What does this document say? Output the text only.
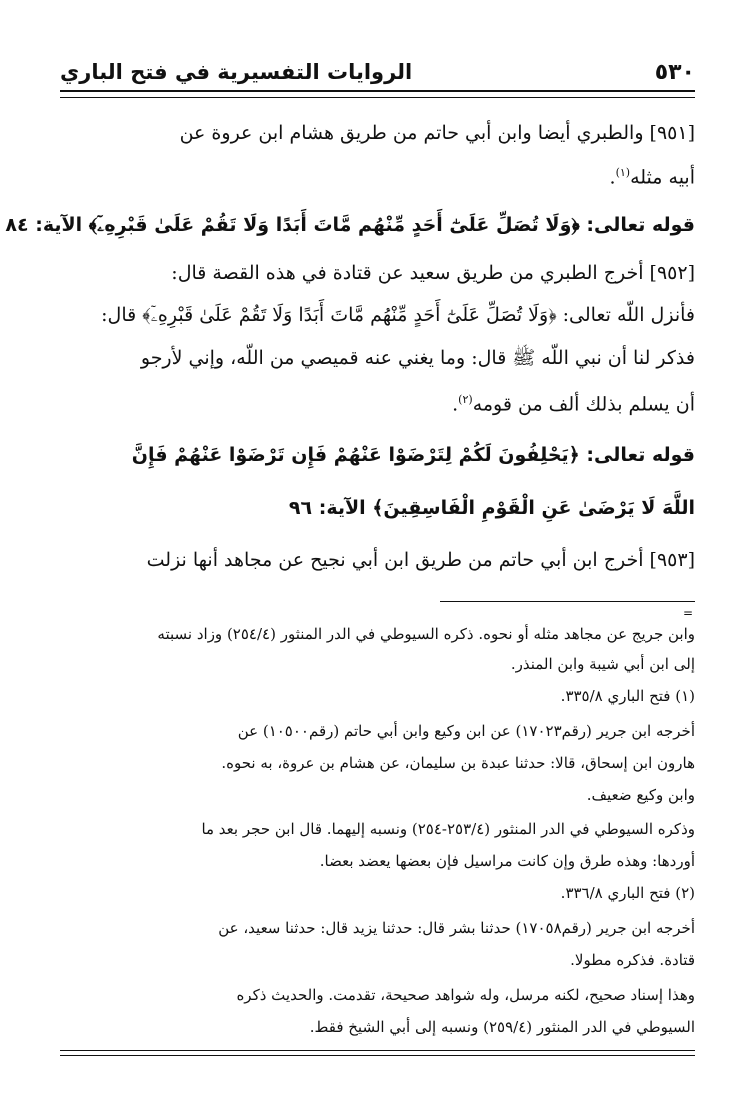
٥٣٠
الروايات التفسيرية في فتح الباري
[٩٥١] والطبري أيضا وابن أبي حاتم من طريق هشام ابن عروة عن
أبيه مثله$^{(١)}$.
قوله تعالى: ﴿وَلَا تُصَلِّ عَلَىٰٓ أَحَدٍ مِّنْهُم مَّاتَ أَبَدًا وَلَا تَقُمْ عَلَىٰ قَبْرِهِۦٓ﴾ الآية: ٨٤
[٩٥٢] أخرج الطبري من طريق سعيد عن قتادة في هذه القصة قال:
فأنزل اللّه تعالى: ﴿وَلَا تُصَلِّ عَلَىٰٓ أَحَدٍ مِّنْهُم مَّاتَ أَبَدًا وَلَا تَقُمْ عَلَىٰ قَبْرِهِۦٓ﴾ قال:
فذكر لنا أن نبي اللّه ﷺ قال: وما يغني عنه قميصي من اللّه، وإني لأرجو
أن يسلم بذلك ألف من قومه$^{(٢)}$.
قوله تعالى: ﴿يَحْلِفُونَ لَكُمْ لِتَرْضَوْا عَنْهُمْ فَإِن تَرْضَوْا عَنْهُمْ فَإِنَّ
اللَّهَ لَا يَرْضَىٰ عَنِ الْقَوْمِ الْفَاسِقِينَ﴾ الآية: ٩٦
[٩٥٣] أخرج ابن أبي حاتم من طريق ابن أبي نجيح عن مجاهد أنها نزلت
=
وابن جريج عن مجاهد مثله أو نحوه. ذكره السيوطي في الدر المنثور (٢٥٤/٤) وزاد نسبته
إلى ابن أبي شيبة وابن المنذر.
(١) فتح الباري ٣٣٥/٨.
أخرجه ابن جرير (رقم١٧٠٢٣) عن ابن وكيع وابن أبي حاتم (رقم١٠٥٠٠) عن
هارون ابن إسحاق، قالا: حدثنا عبدة بن سليمان، عن هشام بن عروة، به نحوه.
وابن وكيع ضعيف.
وذكره السيوطي في الدر المنثور (٢٥٣/٤-٢٥٤) ونسبه إليهما. قال ابن حجر بعد ما
أوردها: وهذه طرق وإن كانت مراسيل فإن بعضها يعضد بعضا.
(٢) فتح الباري ٣٣٦/٨.
أخرجه ابن جرير (رقم١٧٠٥٨) حدثنا بشر قال: حدثنا يزيد قال: حدثنا سعيد، عن
قتادة. فذكره مطولا.
وهذا إسناد صحيح، لكنه مرسل، وله شواهد صحيحة، تقدمت. والحديث ذكره
السيوطي في الدر المنثور (٢٥٩/٤) ونسبه إلى أبي الشيخ فقط.
